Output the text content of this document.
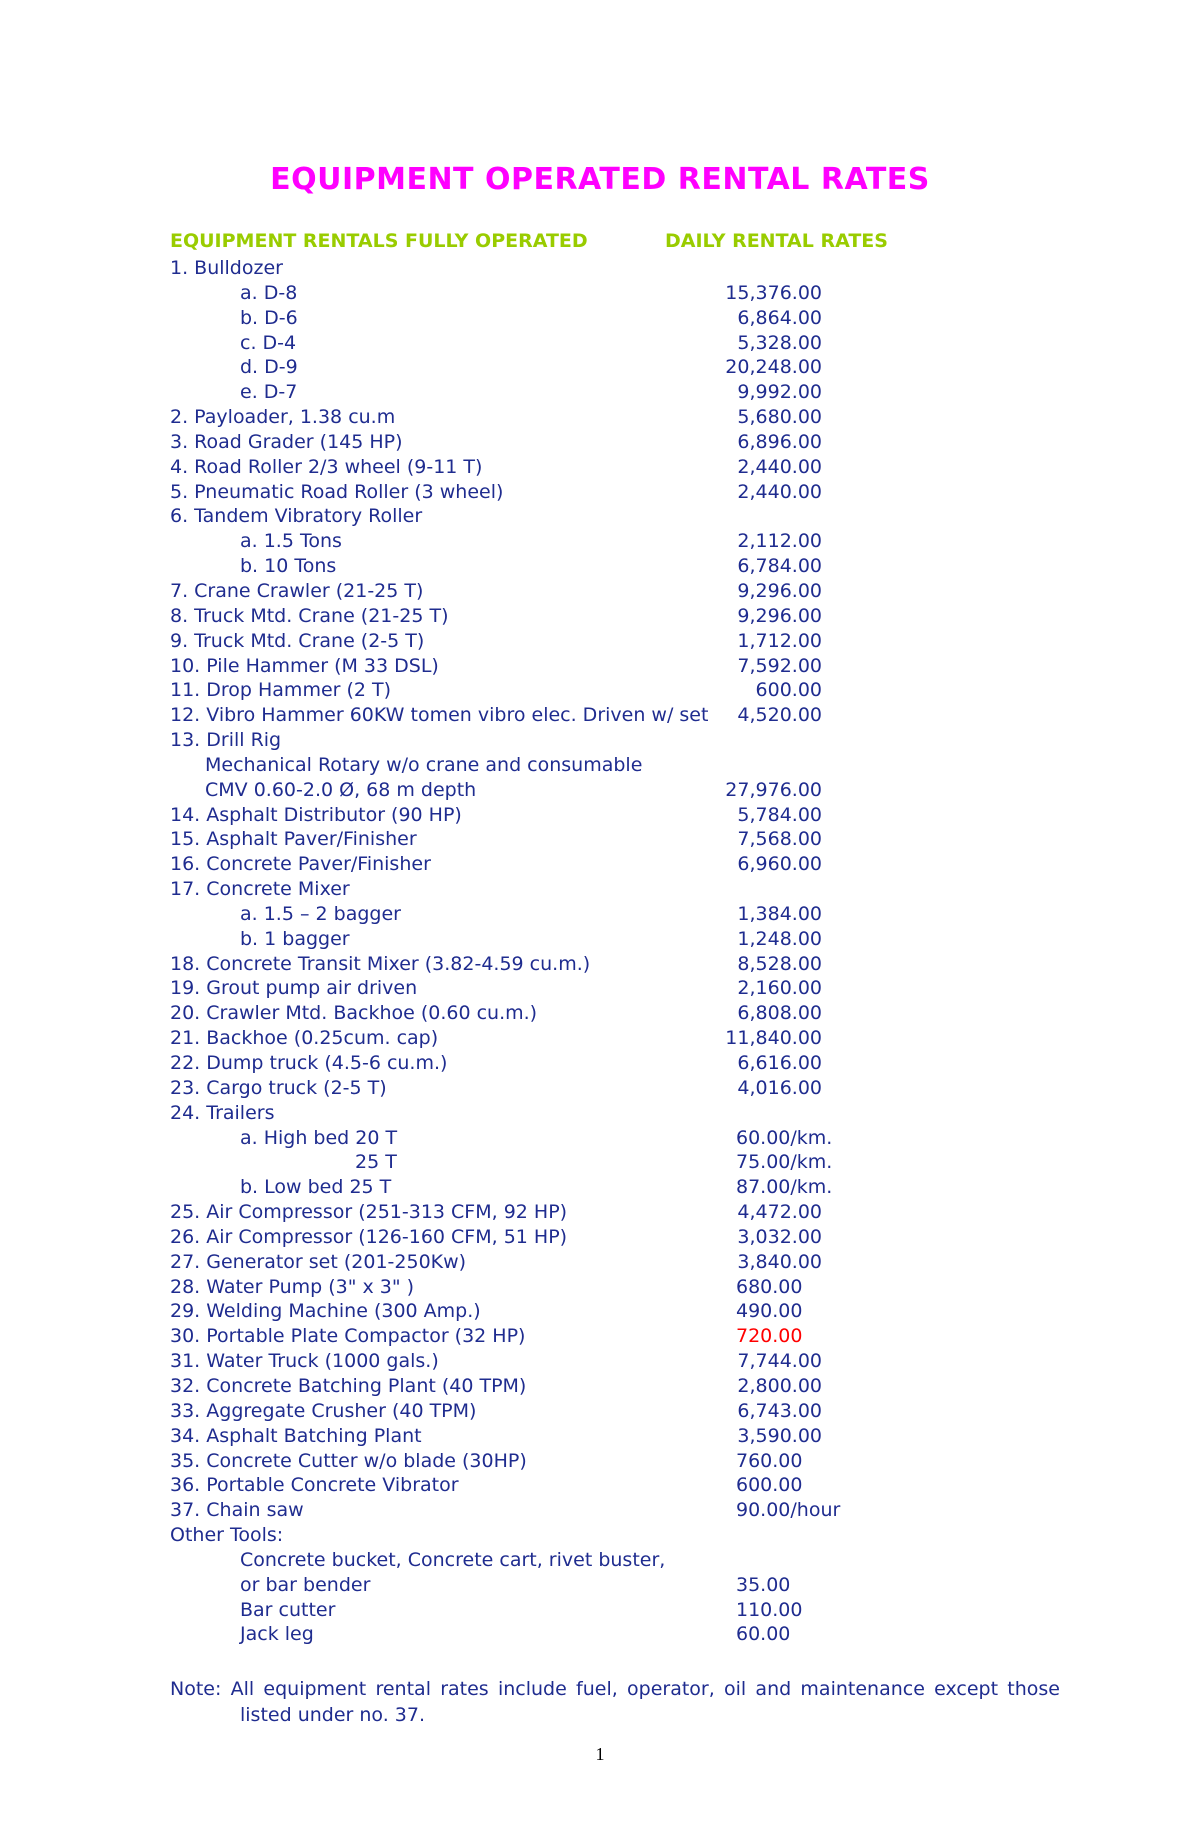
EQUIPMENT OPERATED RENTAL RATES
EQUIPMENT RENTALS FULLY OPERATED	DAILY RENTAL RATES
1. Bulldozer
a. D-8	15,376.00
b. D-6	6,864.00
c. D-4	5,328.00
d. D-9	20,248.00
e. D-7	9,992.00
2. Payloader, 1.38 cu.m	5,680.00
3. Road Grader (145 HP)	6,896.00
4. Road Roller 2/3 wheel (9-11 T)	2,440.00
5. Pneumatic Road Roller (3 wheel)	2,440.00
6. Tandem Vibratory Roller
a. 1.5 Tons	2,112.00
b. 10 Tons	6,784.00
7. Crane Crawler (21-25 T)	9,296.00
8. Truck Mtd. Crane (21-25 T)	9,296.00
9. Truck Mtd. Crane (2-5 T)	1,712.00
10. Pile Hammer (M 33 DSL)	7,592.00
11. Drop Hammer (2 T)	600.00
12. Vibro Hammer 60KW tomen vibro elec. Driven w/ set 4,520.00
13. Drill Rig
Mechanical Rotary w/o crane and consumable
CMV 0.60-2.0 Ø, 68 m depth	27,976.00
14. Asphalt Distributor (90 HP)	5,784.00
15. Asphalt Paver/Finisher	7,568.00
16. Concrete Paver/Finisher	6,960.00
17. Concrete Mixer
a. 1.5 – 2 bagger	1,384.00
b. 1 bagger	1,248.00
18. Concrete Transit Mixer (3.82-4.59 cu.m.)	8,528.00
19. Grout pump air driven	2,160.00
20. Crawler Mtd. Backhoe (0.60 cu.m.)	6,808.00
21. Backhoe (0.25cum. cap)	11,840.00
22. Dump truck (4.5-6 cu.m.)	6,616.00
23. Cargo truck (2-5 T)	4,016.00
24. Trailers
a. High bed 20 T	60.00/km.
25 T	75.00/km.
b. Low bed 25 T	87.00/km.
25. Air Compressor (251-313 CFM, 92 HP)	4,472.00
26. Air Compressor (126-160 CFM, 51 HP)	3,032.00
27. Generator set (201-250Kw)	3,840.00
28. Water Pump (3" x 3" )	680.00
29. Welding Machine (300 Amp.)	490.00
30. Portable Plate Compactor (32 HP)	720.00
31. Water Truck (1000 gals.)	7,744.00
32. Concrete Batching Plant (40 TPM)	2,800.00
33. Aggregate Crusher (40 TPM)	6,743.00
34. Asphalt Batching Plant	3,590.00
35. Concrete Cutter w/o blade (30HP)	760.00
36. Portable Concrete Vibrator	600.00
37. Chain saw	90.00/hour
Other Tools:
Concrete bucket, Concrete cart, rivet buster,
or bar bender	35.00
Bar cutter	110.00
Jack leg	60.00
Note: All equipment rental rates include fuel, operator, oil and maintenance except those
listed under no. 37.
1
